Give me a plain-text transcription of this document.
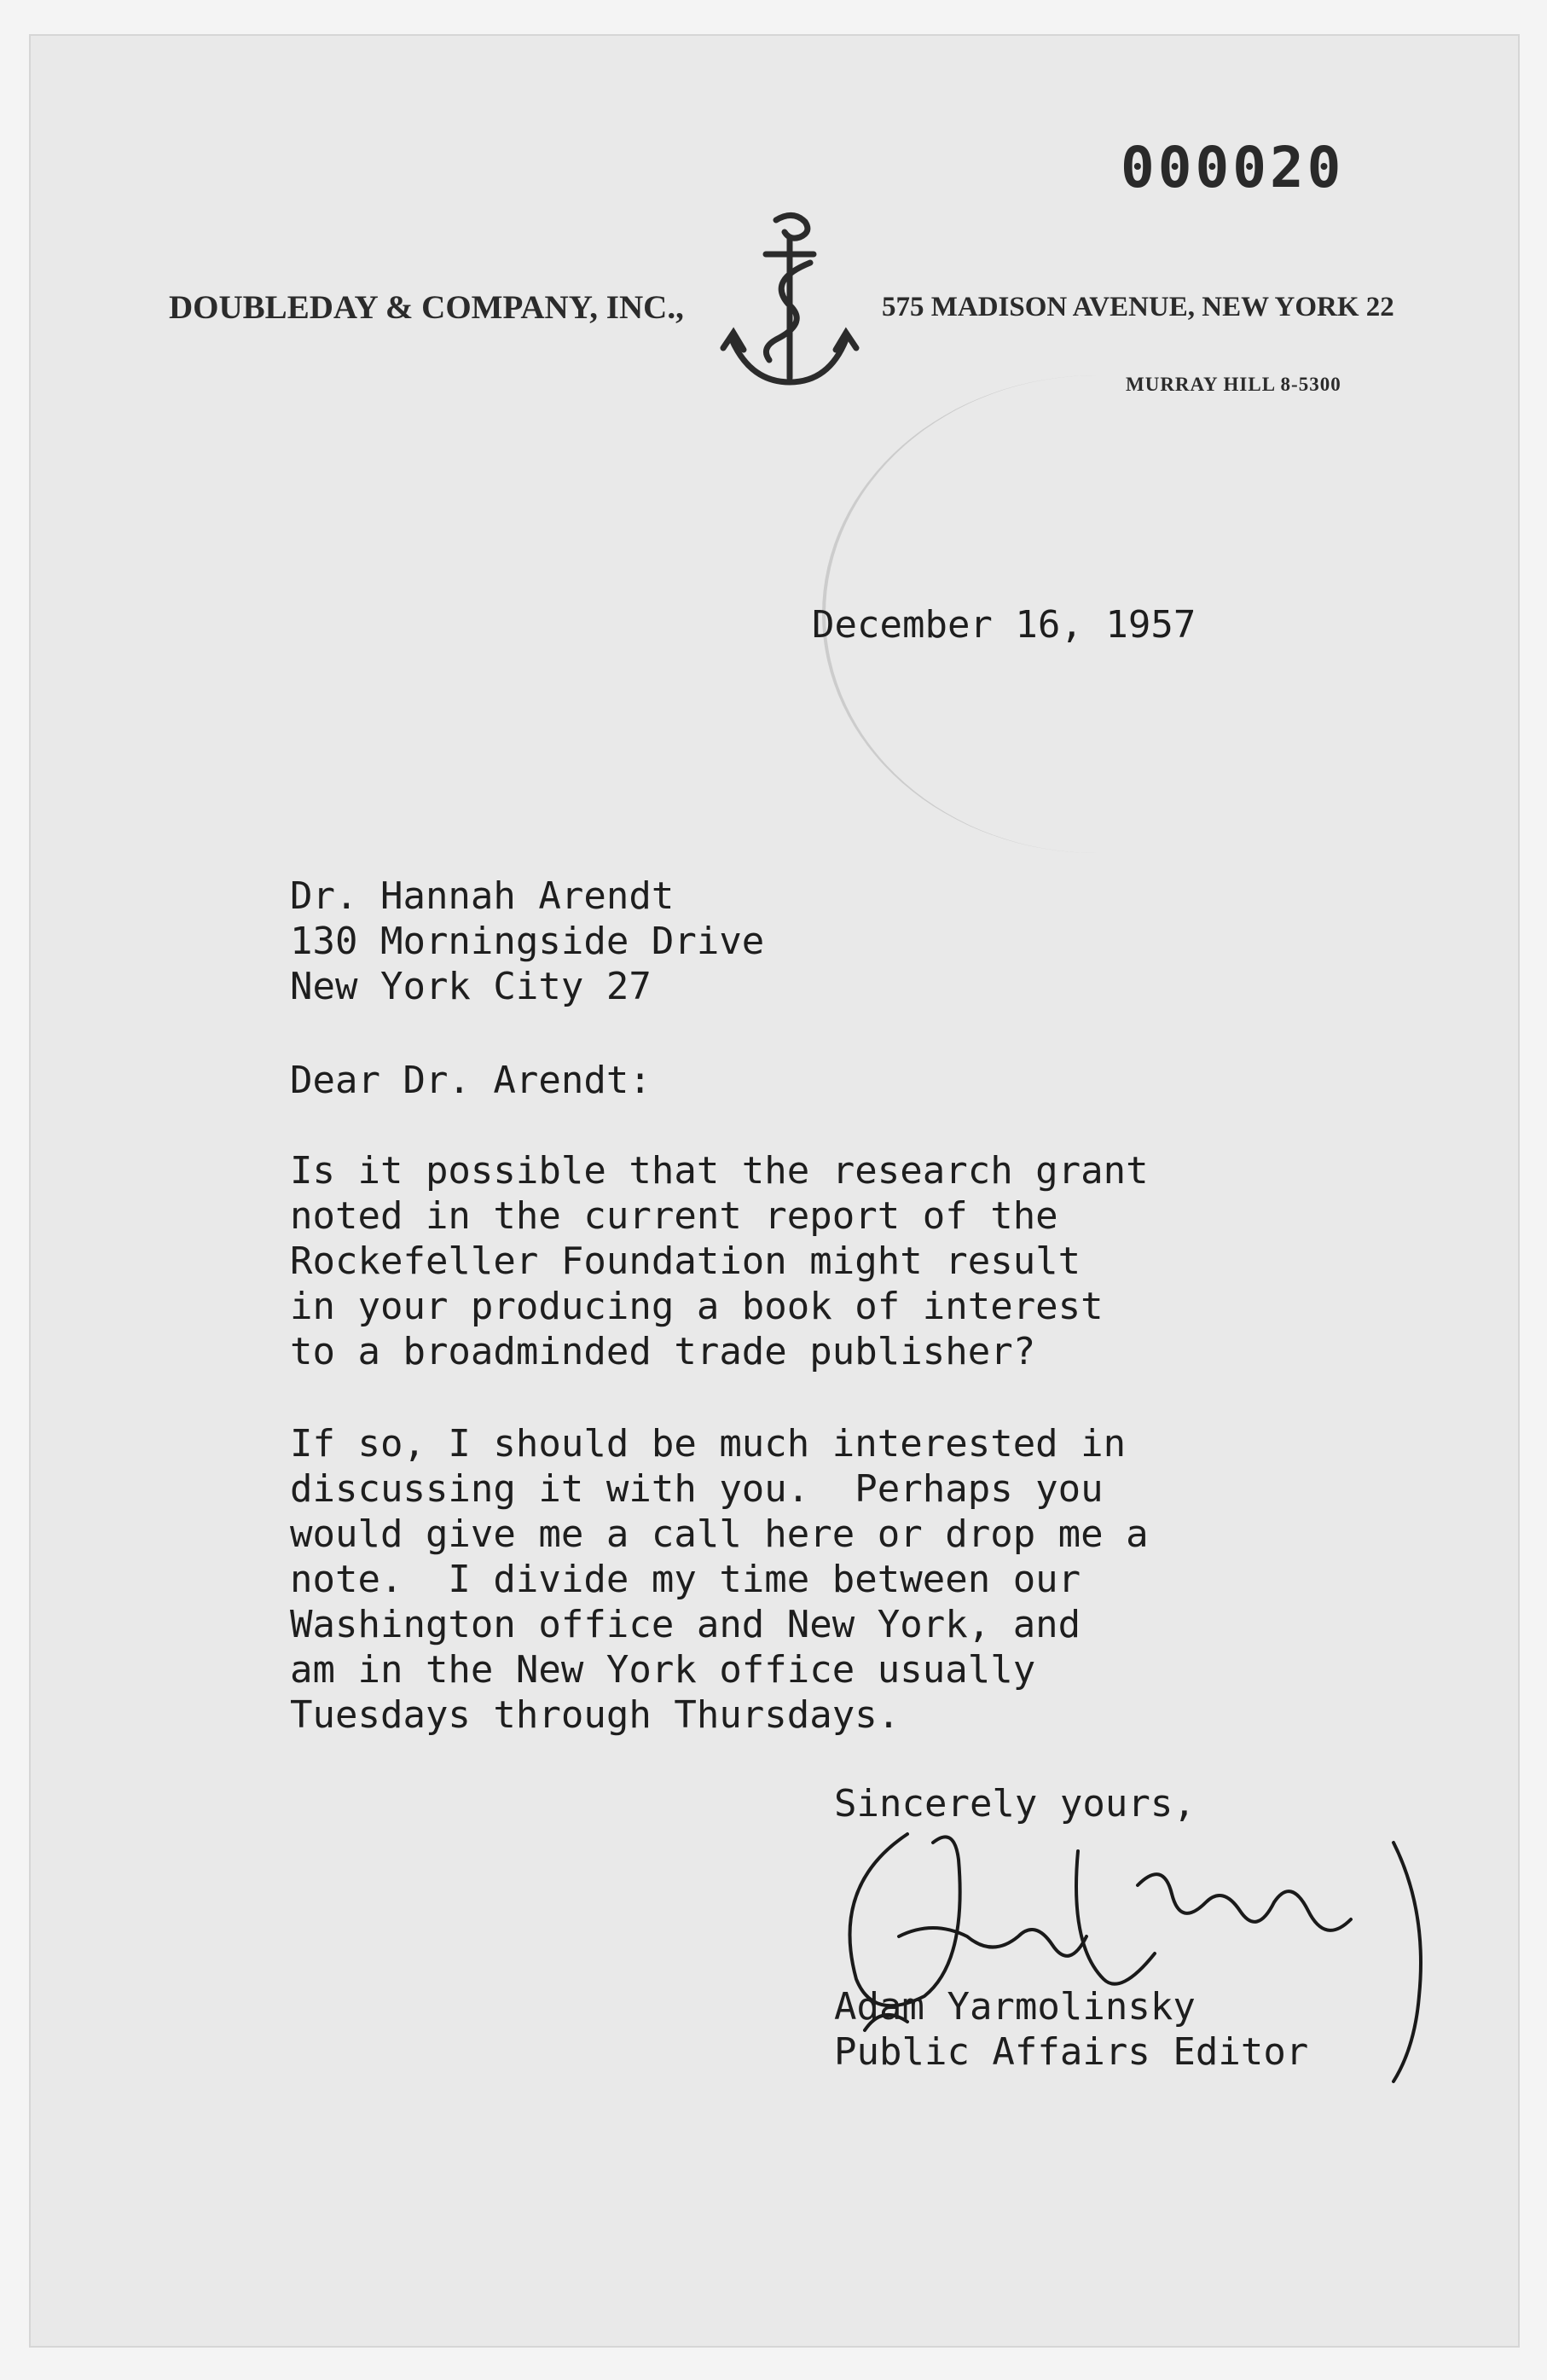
000020
DOUBLEDAY & COMPANY, INC.,	575 MADISON AVENUE, NEW YORK 22
MURRAY HILL 8-5300
December 16, 1957
Dr. Hannah Arendt
130 Morningside Drive
New York City 27
Dear Dr. Arendt:
Is it possible that the research grant
noted in the current report of the
Rockefeller Foundation might result
in your producing a book of interest
to a broadminded trade publisher?
If so, I should be much interested in
discussing it with you.  Perhaps you
would give me a call here or drop me a
note.  I divide my time between our
Washington office and New York, and
am in the New York office usually
Tuesdays through Thursdays.
Sincerely yours,
Adam Yarmolinsky
Public Affairs Editor
